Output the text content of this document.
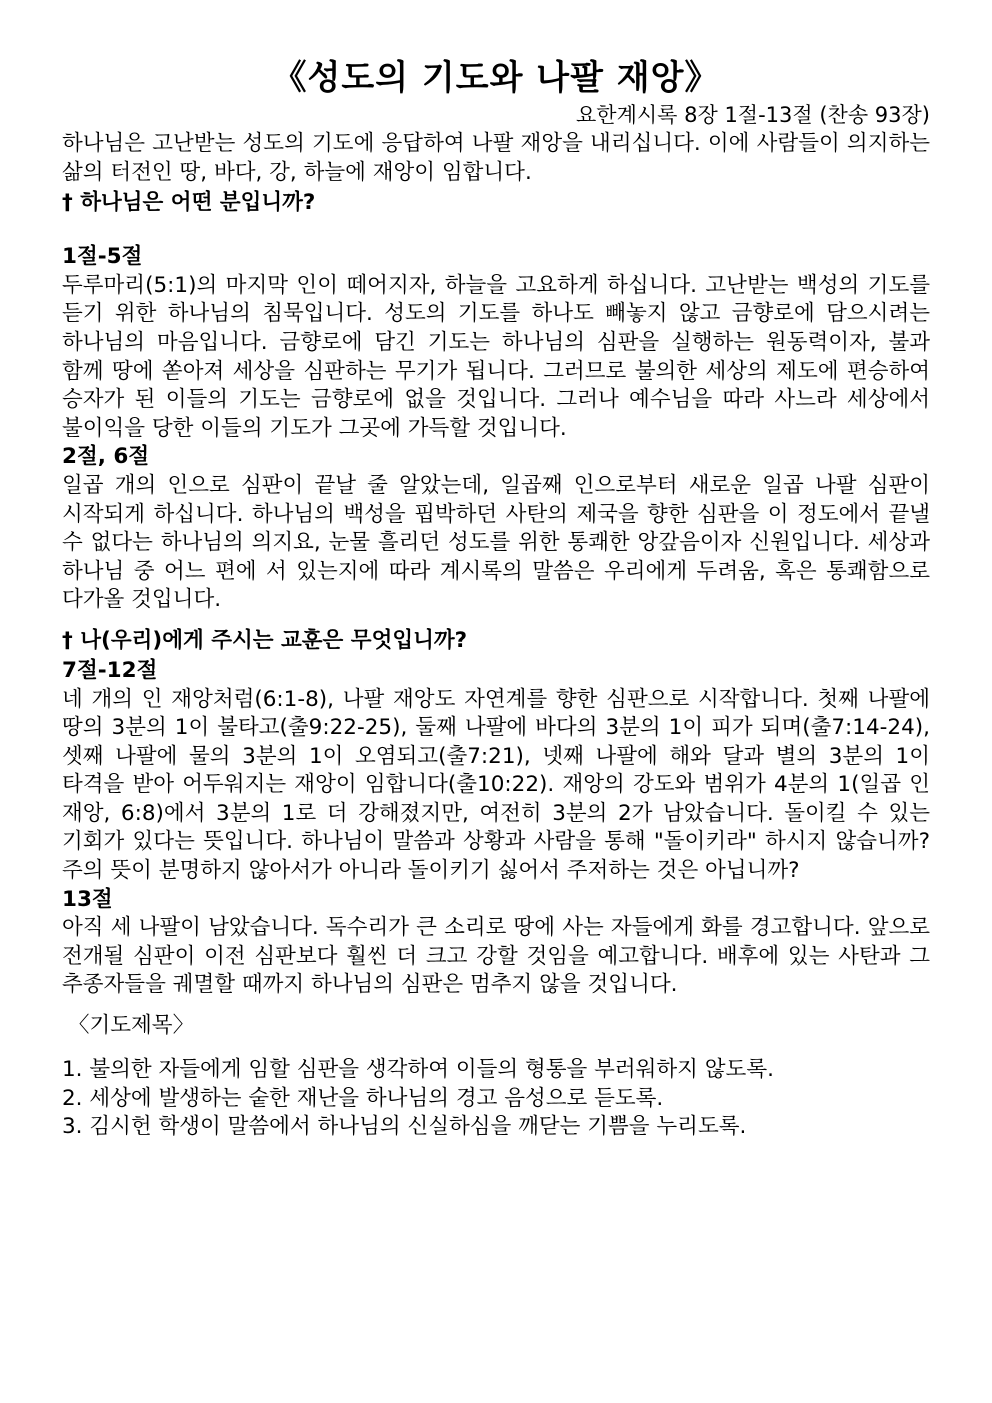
《성도의 기도와 나팔 재앙》
요한계시록 8장 1절-13절 (찬송 93장)

하나님은 고난받는 성도의 기도에 응답하여 나팔 재앙을 내리십니다. 이에 사람들이 의지하는 삶의 터전인 땅, 바다, 강, 하늘에 재앙이 임합니다.

† 하나님은 어떤 분입니까?
1절-5절

두루마리(5:1)의 마지막 인이 떼어지자, 하늘을 고요하게 하십니다. 고난받는 백성의 기도를 듣기 위한 하나님의 침묵입니다. 성도의 기도를 하나도 빼놓지 않고 금향로에 담으시려는 하나님의 마음입니다. 금향로에 담긴 기도는 하나님의 심판을 실행하는 원동력이자, 불과 함께 땅에 쏟아져 세상을 심판하는 무기가 됩니다. 그러므로 불의한 세상의 제도에 편승하여 승자가 된 이들의 기도는 금향로에 없을 것입니다. 그러나 예수님을 따라 사느라 세상에서 불이익을 당한 이들의 기도가 그곳에 가득할 것입니다.

2절, 6절

일곱 개의 인으로 심판이 끝날 줄 알았는데, 일곱째 인으로부터 새로운 일곱 나팔 심판이 시작되게 하십니다. 하나님의 백성을 핍박하던 사탄의 제국을 향한 심판을 이 정도에서 끝낼 수 없다는 하나님의 의지요, 눈물 흘리던 성도를 위한 통쾌한 앙갚음이자 신원입니다. 세상과 하나님 중 어느 편에 서 있는지에 따라 계시록의 말씀은 우리에게 두려움, 혹은 통쾌함으로 다가올 것입니다.

† 나(우리)에게 주시는 교훈은 무엇입니까?
7절-12절

네 개의 인 재앙처럼(6:1-8), 나팔 재앙도 자연계를 향한 심판으로 시작합니다. 첫째 나팔에 땅의 3분의 1이 불타고(출9:22-25), 둘째 나팔에 바다의 3분의 1이 피가 되며(출7:14-24), 셋째 나팔에 물의 3분의 1이 오염되고(출7:21), 넷째 나팔에 해와 달과 별의 3분의 1이 타격을 받아 어두워지는 재앙이 임합니다(출10:22). 재앙의 강도와 범위가 4분의 1(일곱 인 재앙, 6:8)에서 3분의 1로 더 강해졌지만, 여전히 3분의 2가 남았습니다. 돌이킬 수 있는 기회가 있다는 뜻입니다. 하나님이 말씀과 상황과 사람을 통해 "돌이키라" 하시지 않습니까? 주의 뜻이 분명하지 않아서가 아니라 돌이키기 싫어서 주저하는 것은 아닙니까?

13절

아직 세 나팔이 남았습니다. 독수리가 큰 소리로 땅에 사는 자들에게 화를 경고합니다. 앞으로 전개될 심판이 이전 심판보다 훨씬 더 크고 강할 것임을 예고합니다. 배후에 있는 사탄과 그 추종자들을 궤멸할 때까지 하나님의 심판은 멈추지 않을 것입니다.

〈기도제목〉
1. 불의한 자들에게 임할 심판을 생각하여 이들의 형통을 부러워하지 않도록.
2. 세상에 발생하는 숱한 재난을 하나님의 경고 음성으로 듣도록.
3. 김시헌 학생이 말씀에서 하나님의 신실하심을 깨닫는 기쁨을 누리도록.
